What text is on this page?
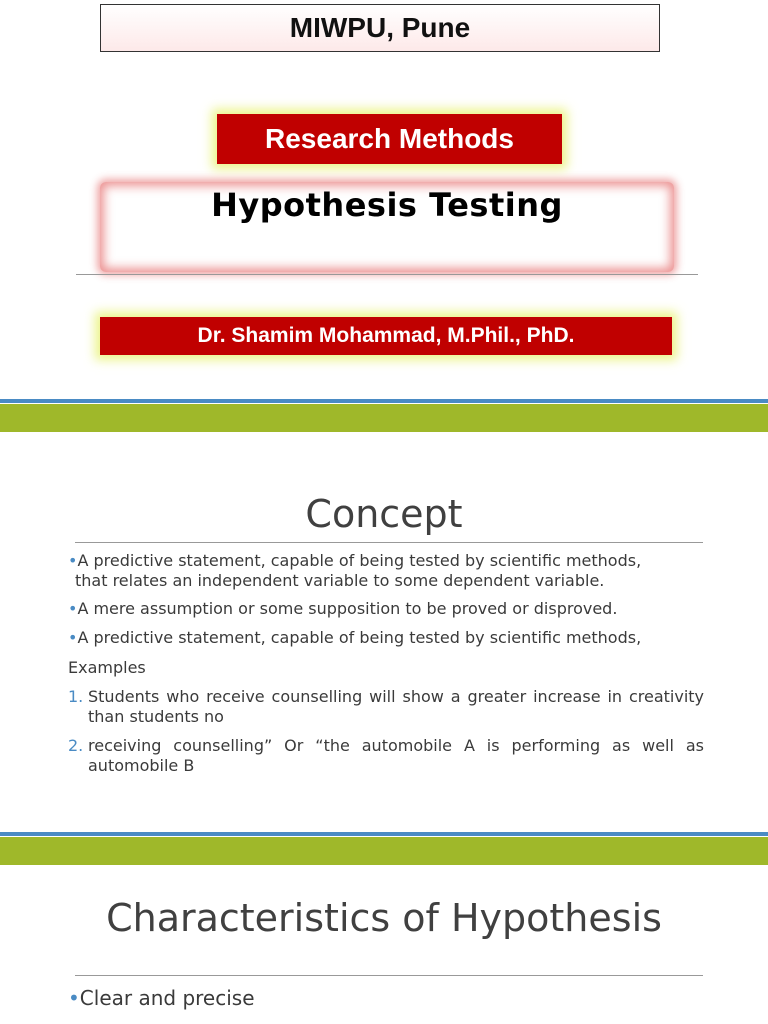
MIWPU, Pune
Research Methods
Hypothesis Testing
Dr. Shamim Mohammad, M.Phil., PhD.
Concept
•A predictive statement, capable of being tested by scientific methods,
that relates an independent variable to some dependent variable.
•A mere assumption or some supposition to be proved or disproved.
•A predictive statement, capable of being tested by scientific methods,
Examples
1. Students who receive counselling will show a greater increase in creativity than students no
2. receiving counselling” Or “the automobile A is performing as well as automobile B
Characteristics of Hypothesis
•Clear and precise
